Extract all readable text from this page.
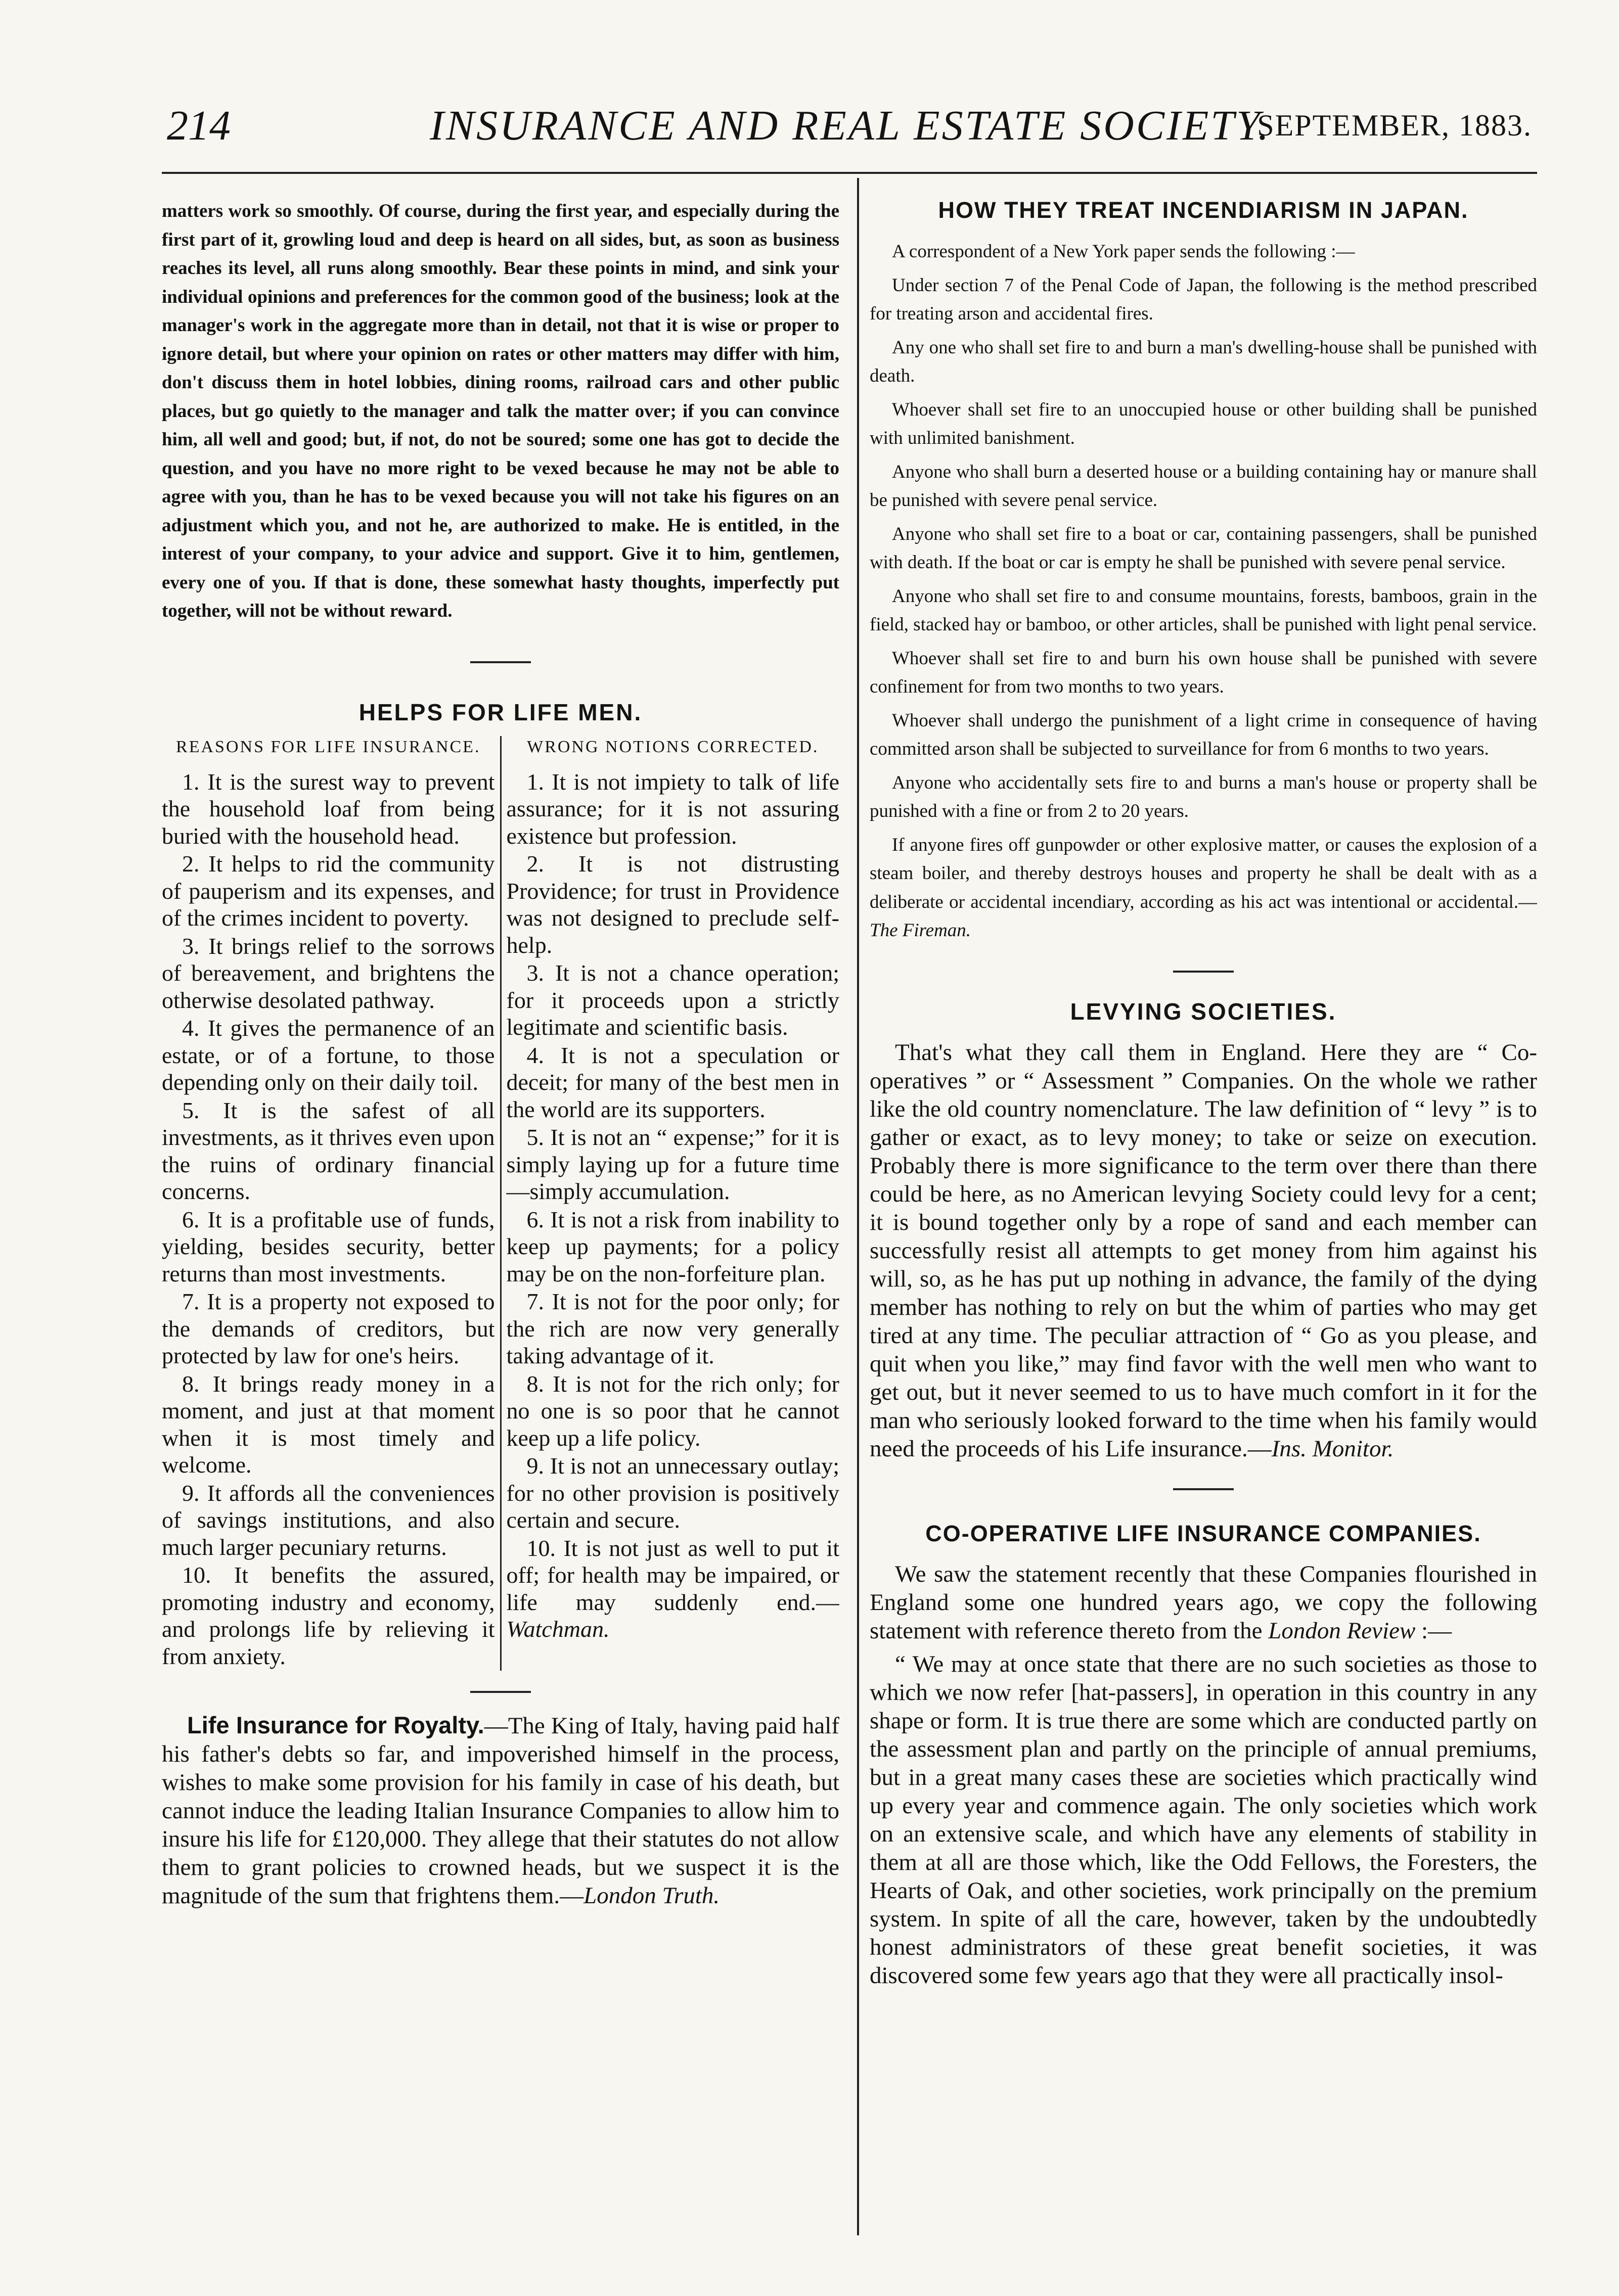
214	INSURANCE AND REAL ESTATE SOCIETY.
SEPTEMBER, 1883.

matters work so smoothly. Of course, during the first year, and especially during the first part of it, growling loud and deep is heard on all sides, but, as soon as business reaches its level, all runs along smoothly. Bear these points in mind, and sink your individual opinions and preferences for the common good of the business; look at the manager's work in the aggregate more than in detail, not that it is wise or proper to ignore detail, but where your opinion on rates or other matters may differ with him, don't discuss them in hotel lobbies, dining rooms, railroad cars and other public places, but go quietly to the manager and talk the matter over; if you can convince him, all well and good; but, if not, do not be soured; some one has got to decide the question, and you have no more right to be vexed because he may not be able to agree with you, than he has to be vexed because you will not take his figures on an adjustment which you, and not he, are authorized to make. He is entitled, in the interest of your company, to your advice and support. Give it to him, gentlemen, every one of you. If that is done, these somewhat hasty thoughts, imperfectly put together, will not be without reward.

HELPS FOR LIFE MEN.
REASONS FOR LIFE INSURANCE.

1. It is the surest way to prevent the household loaf from being buried with the household head.

2. It helps to rid the community of pauperism and its expenses, and of the crimes incident to poverty.

3. It brings relief to the sorrows of bereavement, and brightens the otherwise desolated pathway.

4. It gives the permanence of an estate, or of a fortune, to those depending only on their daily toil.

5. It is the safest of all investments, as it thrives even upon the ruins of ordinary financial concerns.

6. It is a profitable use of funds, yielding, besides security, better returns than most investments.

7. It is a property not exposed to the demands of creditors, but protected by law for one's heirs.

8. It brings ready money in a moment, and just at that moment when it is most timely and welcome.

9. It affords all the conveniences of savings institutions, and also much larger pecuniary returns.

10. It benefits the assured, promoting industry and economy, and prolongs life by relieving it from anxiety.

WRONG NOTIONS CORRECTED.

1. It is not impiety to talk of life assurance; for it is not assuring existence but profession.

2. It is not distrusting Providence; for trust in Providence was not designed to preclude self-help.

3. It is not a chance operation; for it proceeds upon a strictly legitimate and scientific basis.

4. It is not a speculation or deceit; for many of the best men in the world are its supporters.

5. It is not an “ expense;” for it is simply laying up for a future time—simply accumulation.

6. It is not a risk from inability to keep up payments; for a policy may be on the non-forfeiture plan.

7. It is not for the poor only; for the rich are now very generally taking advantage of it.

8. It is not for the rich only; for no one is so poor that he cannot keep up a life policy.

9. It is not an unnecessary outlay; for no other provision is positively certain and secure.

10. It is not just as well to put it off; for health may be impaired, or life may suddenly end.—Watchman.

Life Insurance for Royalty.—The King of Italy, having paid half his father's debts so far, and impoverished himself in the process, wishes to make some provision for his family in case of his death, but cannot induce the leading Italian Insurance Companies to allow him to insure his life for £120,000. They allege that their statutes do not allow them to grant policies to crowned heads, but we suspect it is the magnitude of the sum that frightens them.—London Truth.

HOW THEY TREAT INCENDIARISM IN JAPAN.

A correspondent of a New York paper sends the following :—

Under section 7 of the Penal Code of Japan, the following is the method prescribed for treating arson and accidental fires.

Any one who shall set fire to and burn a man's dwelling-house shall be punished with death.

Whoever shall set fire to an unoccupied house or other building shall be punished with unlimited banishment.

Anyone who shall burn a deserted house or a building containing hay or manure shall be punished with severe penal service.

Anyone who shall set fire to a boat or car, containing passengers, shall be punished with death. If the boat or car is empty he shall be punished with severe penal service.

Anyone who shall set fire to and consume mountains, forests, bamboos, grain in the field, stacked hay or bamboo, or other articles, shall be punished with light penal service.

Whoever shall set fire to and burn his own house shall be punished with severe confinement for from two months to two years.

Whoever shall undergo the punishment of a light crime in consequence of having committed arson shall be subjected to surveillance for from 6 months to two years.

Anyone who accidentally sets fire to and burns a man's house or property shall be punished with a fine or from 2 to 20 years.

If anyone fires off gunpowder or other explosive matter, or causes the explosion of a steam boiler, and thereby destroys houses and property he shall be dealt with as a deliberate or accidental incendiary, according as his act was intentional or accidental.—The Fireman.

LEVYING SOCIETIES.

That's what they call them in England. Here they are “ Co-operatives ” or “ Assessment ” Companies. On the whole we rather like the old country nomenclature. The law definition of “ levy ” is to gather or exact, as to levy money; to take or seize on execution. Probably there is more significance to the term over there than there could be here, as no American levying Society could levy for a cent; it is bound together only by a rope of sand and each member can successfully resist all attempts to get money from him against his will, so, as he has put up nothing in advance, the family of the dying member has nothing to rely on but the whim of parties who may get tired at any time. The peculiar attraction of “ Go as you please, and quit when you like,” may find favor with the well men who want to get out, but it never seemed to us to have much comfort in it for the man who seriously looked forward to the time when his family would need the proceeds of his Life insurance.—Ins. Monitor.

CO-OPERATIVE LIFE INSURANCE COMPANIES.

We saw the statement recently that these Companies flourished in England some one hundred years ago, we copy the following statement with reference thereto from the London Review :—

“ We may at once state that there are no such societies as those to which we now refer [hat-passers], in operation in this country in any shape or form. It is true there are some which are conducted partly on the assessment plan and partly on the principle of annual premiums, but in a great many cases these are societies which practically wind up every year and commence again. The only societies which work on an extensive scale, and which have any elements of stability in them at all are those which, like the Odd Fellows, the Foresters, the Hearts of Oak, and other societies, work principally on the premium system. In spite of all the care, however, taken by the undoubtedly honest administrators of these great benefit societies, it was discovered some few years ago that they were all practically insol-
